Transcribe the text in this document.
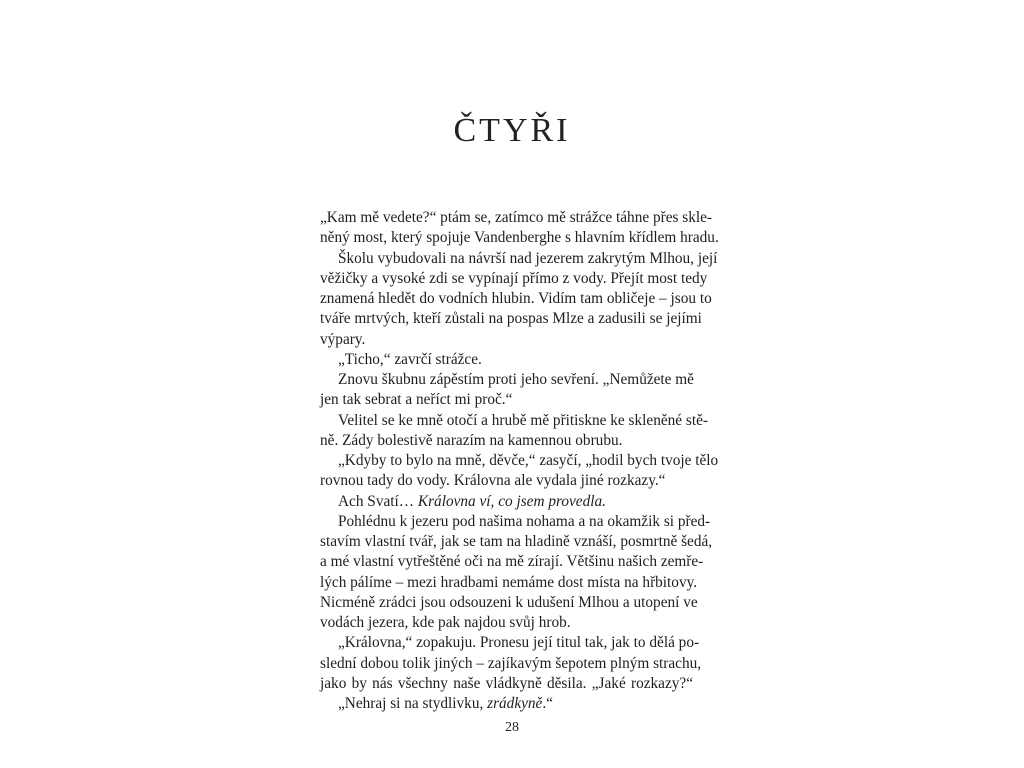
ČTYŘI
„Kam mě vedete?“ ptám se, zatímco mě strážce táhne přes skle-
něný most, který spojuje Vandenberghe s hlavním křídlem hradu.
Školu vybudovali na návrší nad jezerem zakrytým Mlhou, její
věžičky a vysoké zdi se vypínají přímo z vody. Přejít most tedy
znamená hledět do vodních hlubin. Vidím tam obličeje – jsou to
tváře mrtvých, kteří zůstali na pospas Mlze a zadusili se jejími
výpary.
„Ticho,“ zavrčí strážce.
Znovu škubnu zápěstím proti jeho sevření. „Nemůžete mě
jen tak sebrat a neříct mi proč.“
Velitel se ke mně otočí a hrubě mě přitiskne ke skleněné stě-
ně. Zády bolestivě narazím na kamennou obrubu.
„Kdyby to bylo na mně, děvče,“ zasyčí, „hodil bych tvoje tělo
rovnou tady do vody. Královna ale vydala jiné rozkazy.“
Ach Svatí… Královna ví, co jsem provedla.
Pohlédnu k jezeru pod našima nohama a na okamžik si před-
stavím vlastní tvář, jak se tam na hladině vznáší, posmrtně šedá,
a mé vlastní vytřeštěné oči na mě zírají. Většinu našich zemře-
lých pálíme – mezi hradbami nemáme dost místa na hřbitovy.
Nicméně zrádci jsou odsouzeni k udušení Mlhou a utopení ve
vodách jezera, kde pak najdou svůj hrob.
„Královna,“ zopakuju. Pronesu její titul tak, jak to dělá po-
slední dobou tolik jiných – zajíkavým šepotem plným strachu,
jako by nás všechny naše vládkyně děsila. „Jaké rozkazy?“
„Nehraj si na stydlivku, zrádkyně.“
28
